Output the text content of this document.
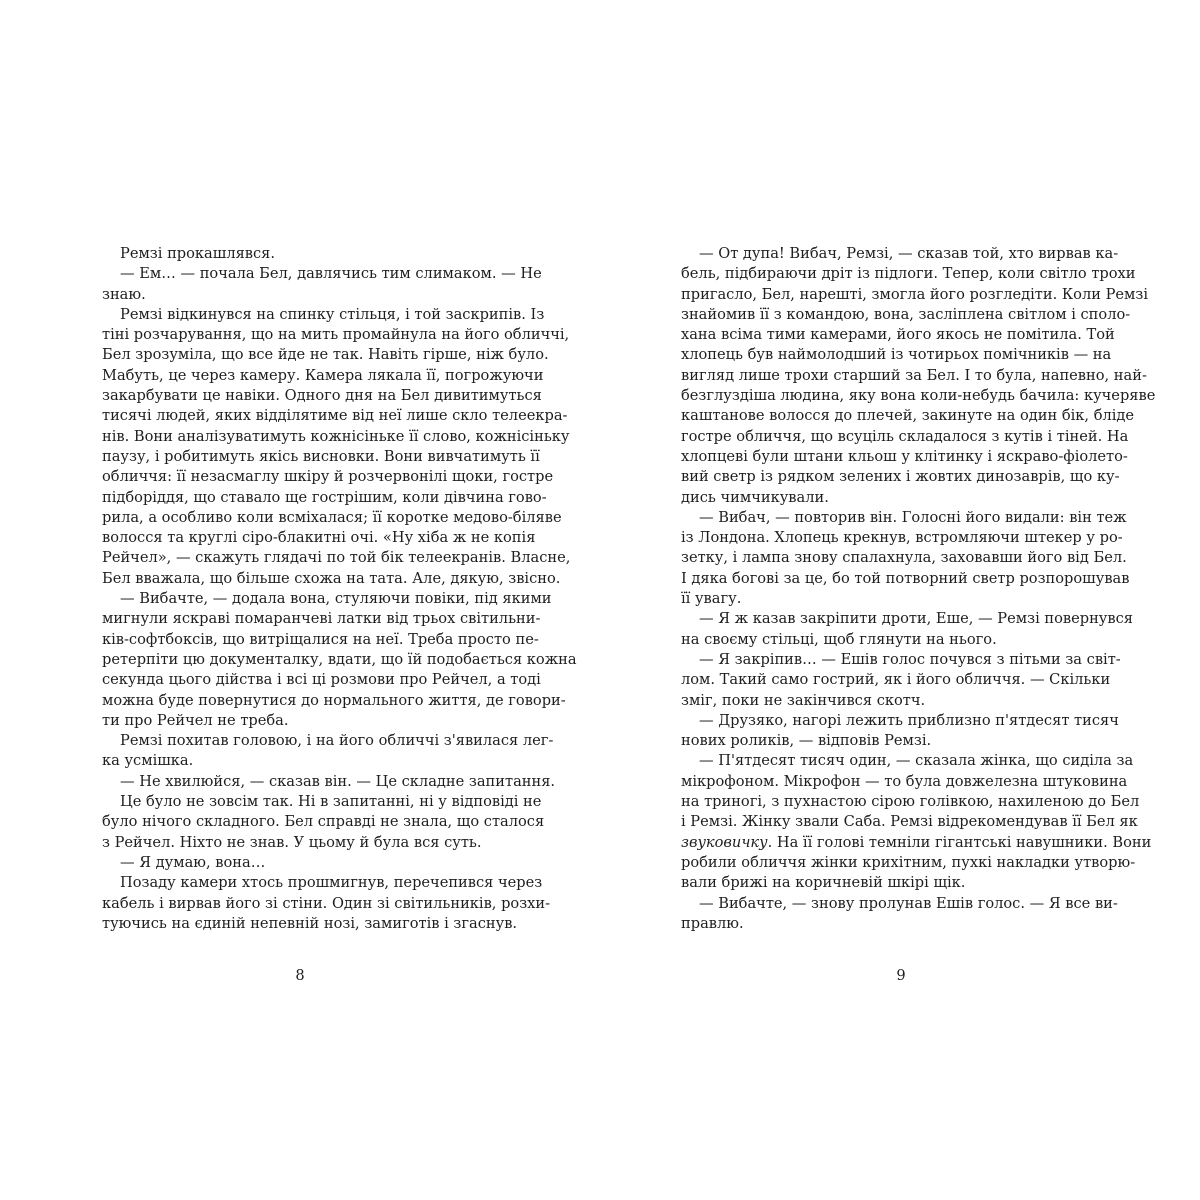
Ремзі прокашлявся.
— Ем… — почала Бел, давлячись тим слимаком. — Не
знаю.
Ремзі відкинувся на спинку стільця, і той заскрипів. Із
тіні розчарування, що на мить промайнула на його обличчі,
Бел зрозуміла, що все йде не так. Навіть гірше, ніж було.
Мабуть, це через камеру. Камера лякала її, погрожуючи
закарбувати це навіки. Одного дня на Бел дивитимуться
тисячі людей, яких відділятиме від неї лише скло телеекра-
нів. Вони аналізуватимуть кожнісіньке її слово, кожнісіньку
паузу, і робитимуть якісь висновки. Вони вивчатимуть її
обличчя: її незасмаглу шкіру й розчервонілі щоки, гостре
підборіддя, що ставало ще гострішим, коли дівчина гово-
рила, а особливо коли всміхалася; її коротке медово-біляве
волосся та круглі сіро-блакитні очі. «Ну хіба ж не копія
Рейчел», — скажуть глядачі по той бік телеекранів. Власне,
Бел вважала, що більше схожа на тата. Але, дякую, звісно.
— Вибачте, — додала вона, стуляючи повіки, під якими
мигнули яскраві помаранчеві латки від трьох світильни-
ків-софтбоксів, що витріщалися на неї. Треба просто пе-
ретерпіти цю документалку, вдати, що їй подобається кожна
секунда цього дійства і всі ці розмови про Рейчел, а тоді
можна буде повернутися до нормального життя, де говори-
ти про Рейчел не треба.
Ремзі похитав головою, і на його обличчі з'явилася лег-
ка усмішка.
— Не хвилюйся, — сказав він. — Це складне запитання.
Це було не зовсім так. Ні в запитанні, ні у відповіді не
було нічого складного. Бел справді не знала, що сталося
з Рейчел. Ніхто не знав. У цьому й була вся суть.
— Я думаю, вона…
Позаду камери хтось прошмигнув, перечепився через
кабель і вирвав його зі стіни. Один зі світильників, розхи-
туючись на єдиній непевній нозі, замиготів і згаснув.
8
— От дупа! Вибач, Ремзі, — сказав той, хто вирвав ка-
бель, підбираючи дріт із підлоги. Тепер, коли світло трохи
пригасло, Бел, нарешті, змогла його розгледіти. Коли Ремзі
знайомив її з командою, вона, засліплена світлом і споло-
хана всіма тими камерами, його якось не помітила. Той
хлопець був наймолодший із чотирьох помічників — на
вигляд лише трохи старший за Бел. І то була, напевно, най-
безглуздіша людина, яку вона коли-небудь бачила: кучеряве
каштанове волосся до плечей, закинуте на один бік, бліде
гостре обличчя, що всуціль складалося з кутів і тіней. На
хлопцеві були штани кльош у клітинку і яскраво-фіолето-
вий светр із рядком зелених і жовтих динозаврів, що ку-
дись чимчикували.
— Вибач, — повторив він. Голосні його видали: він теж
із Лондона. Хлопець крекнув, встромляючи штекер у ро-
зетку, і лампа знову спалахнула, заховавши його від Бел.
І дяка богові за це, бо той потворний светр розпорошував
її увагу.
— Я ж казав закріпити дроти, Еше, — Ремзі повернувся
на своєму стільці, щоб глянути на нього.
— Я закріпив… — Ешів голос почувся з пітьми за світ-
лом. Такий само гострий, як і його обличчя. — Скільки
зміг, поки не закінчився скотч.
— Друзяко, нагорі лежить приблизно п'ятдесят тисяч
нових роликів, — відповів Ремзі.
— П'ятдесят тисяч один, — сказала жінка, що сиділа за
мікрофоном. Мікрофон — то була довжелезна штуковина
на триногі, з пухнастою сірою голівкою, нахиленою до Бел
і Ремзі. Жінку звали Саба. Ремзі відрекомендував її Бел як
звуковичку. На її голові темніли гігантські навушники. Вони
робили обличчя жінки крихітним, пухкі накладки утворю-
вали брижі на коричневій шкірі щік.
— Вибачте, — знову пролунав Ешів голос. — Я все ви-
правлю.
9
